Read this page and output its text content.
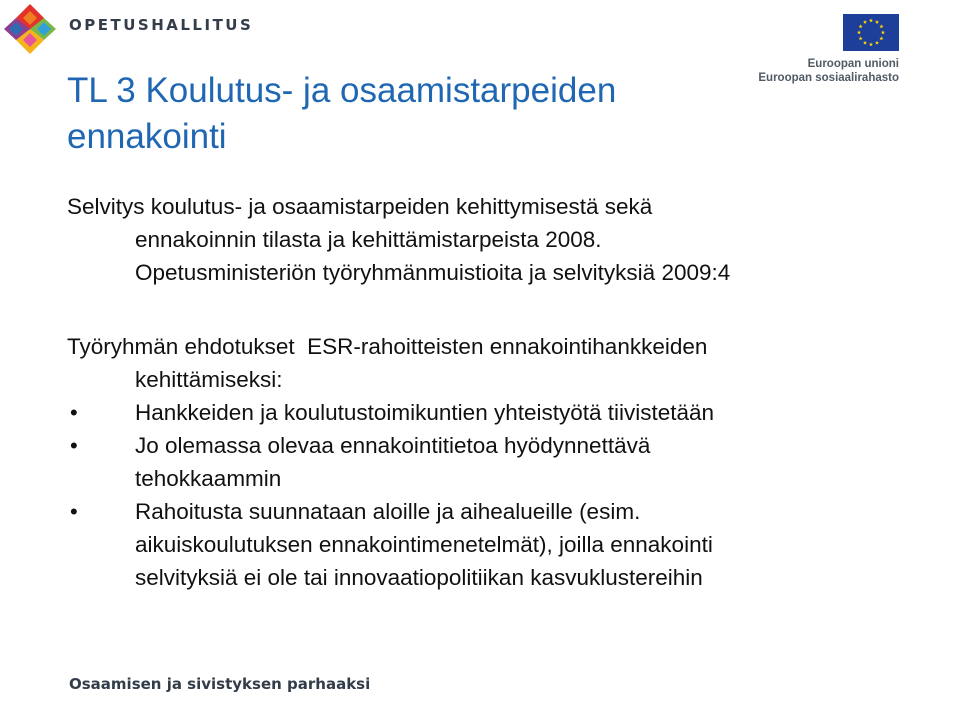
OPETUSHALLITUS
Euroopan unioni
Euroopan sosiaalirahasto
TL 3 Koulutus- ja osaamistarpeiden
ennakointi

Selvitys koulutus- ja osaamistarpeiden kehittymisestä sekä
ennakoinnin tilasta ja kehittämistarpeista 2008.
Opetusministeriön työryhmänmuistioita ja selvityksiä 2009:4

Työryhmän ehdotukset  ESR-rahoitteisten ennakointihankkeiden
kehittämiseksi:

•	Hankkeiden ja koulutustoimikuntien yhteistyötä tiivistetään
•	Jo olemassa olevaa ennakointitietoa hyödynnettävä
tehokkaammin
•	Rahoitusta suunnataan aloille ja aihealueille (esim.
aikuiskoulutuksen ennakointimenetelmät), joilla ennakointi
selvityksiä ei ole tai innovaatiopolitiikan kasvuklustereihin
Osaamisen ja sivistyksen parhaaksi
